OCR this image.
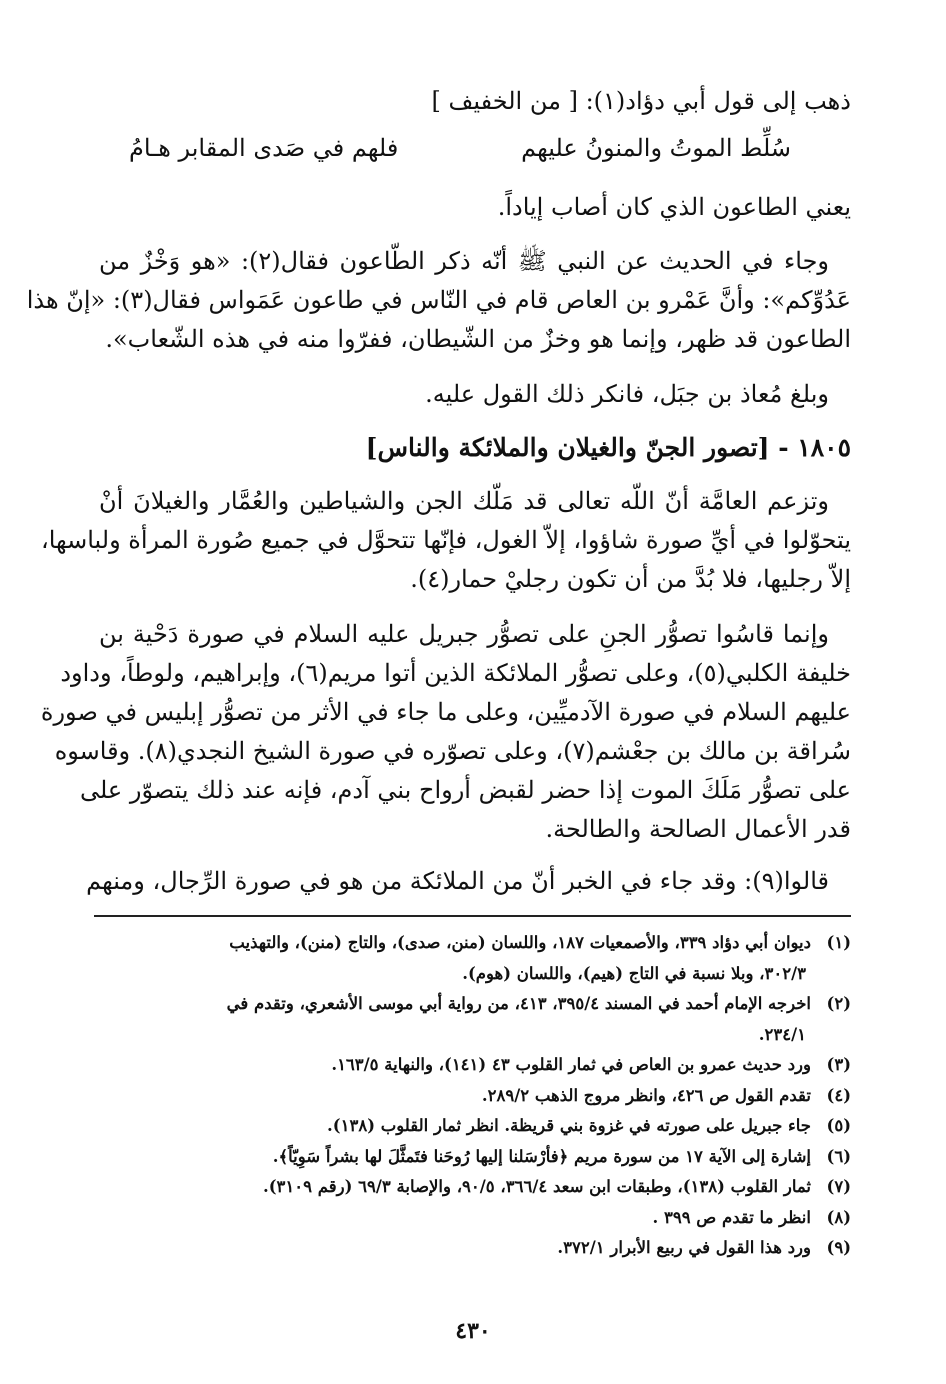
ذهب إلى قول أبي دؤاد(١): [ من الخفيف ]
سُلِّط الموتُ والمنونُ عليهم
فلهم في صَدى المقابر هـامُ
يعني الطاعون الذي كان أصاب إياداً.
وجاء في الحديث عن النبي ﷺ أنّه ذكر الطّاعون فقال(٢): «هو وَخْزٌ من
عَدُوِّكم»: وأنَّ عَمْرو بن العاص قام في النّاس في طاعون عَمَواس فقال(٣): «إنّ هذا
الطاعون قد ظهر، وإنما هو وخزٌ من الشّيطان، ففرّوا منه في هذه الشّعاب».
وبلغ مُعاذ بن جبَل، فانكر ذلك القول عليه.
١٨٠٥ - [تصور الجنّ والغيلان والملائكة والناس]
وتزعم العامَّة أنّ اللّه تعالى قد مَلّك الجن والشياطين والعُمَّار والغيلانَ أنْ
يتحوّلوا في أيِّ صورة شاؤوا، إلاّ الغول، فإنّها تتحوَّل في جميع صُورة المرأة ولباسها،
إلاّ رجليها، فلا بُدَّ من أن تكون رجليْ حمار(٤).
وإنما قاسُوا تصوُّر الجنِ على تصوُّر جبريل عليه السلام في صورة دَحْية بن
خليفة الكلبي(٥)، وعلى تصوُّر الملائكة الذين أتوا مريم(٦)، وإبراهيم، ولوطاً، وداود
عليهم السلام في صورة الآدميِّين، وعلى ما جاء في الأثر من تصوُّر إبليس في صورة
سُراقة بن مالك بن جعْشم(٧)، وعلى تصوّره في صورة الشيخ النجدي(٨). وقاسوه
على تصوُّر مَلَكَ الموت إذا حضر لقبض أرواح بني آدم، فإنه عند ذلك يتصوّر على
قدر الأعمال الصالحة والطالحة.
قالوا(٩): وقد جاء في الخبر أنّ من الملائكة من هو في صورة الرِّجال، ومنهم
(١)ديوان أبي دؤاد ٣٣٩، والأصمعيات ١٨٧، واللسان (منن، صدى)، والتاج (منن)، والتهذيب
٣٠٢/٣، وبلا نسبة في التاج (هيم)، واللسان (هوم).
(٢)اخرجه الإمام أحمد في المسند ٣٩٥/٤، ٤١٣، من رواية أبي موسى الأشعري، وتقدم في
٢٣٤/١.
(٣)ورد حديث عمرو بن العاص في ثمار القلوب ٤٣ (١٤١)، والنهاية ١٦٣/٥.
(٤)تقدم القول ص ٤٢٦، وانظر مروج الذهب ٢٨٩/٢.
(٥)جاء جبريل على صورته في غزوة بني قريظة. انظر ثمار القلوب (١٣٨).
(٦)إشارة إلى الآية ١٧ من سورة مريم ﴿فأرْسَلنا إليها رُوحَنا فتَمثَّلَ لها بشراً سَوِيّاً﴾.
(٧)ثمار القلوب (١٣٨)، وطبقات ابن سعد ٣٦٦/٤، ٩٠/٥، والإصابة ٦٩/٣ (رقم ٣١٠٩).
(٨)انظر ما تقدم ص ٣٩٩ .
(٩)ورد هذا القول في ربيع الأبرار ٣٧٢/١.
٤٣٠
